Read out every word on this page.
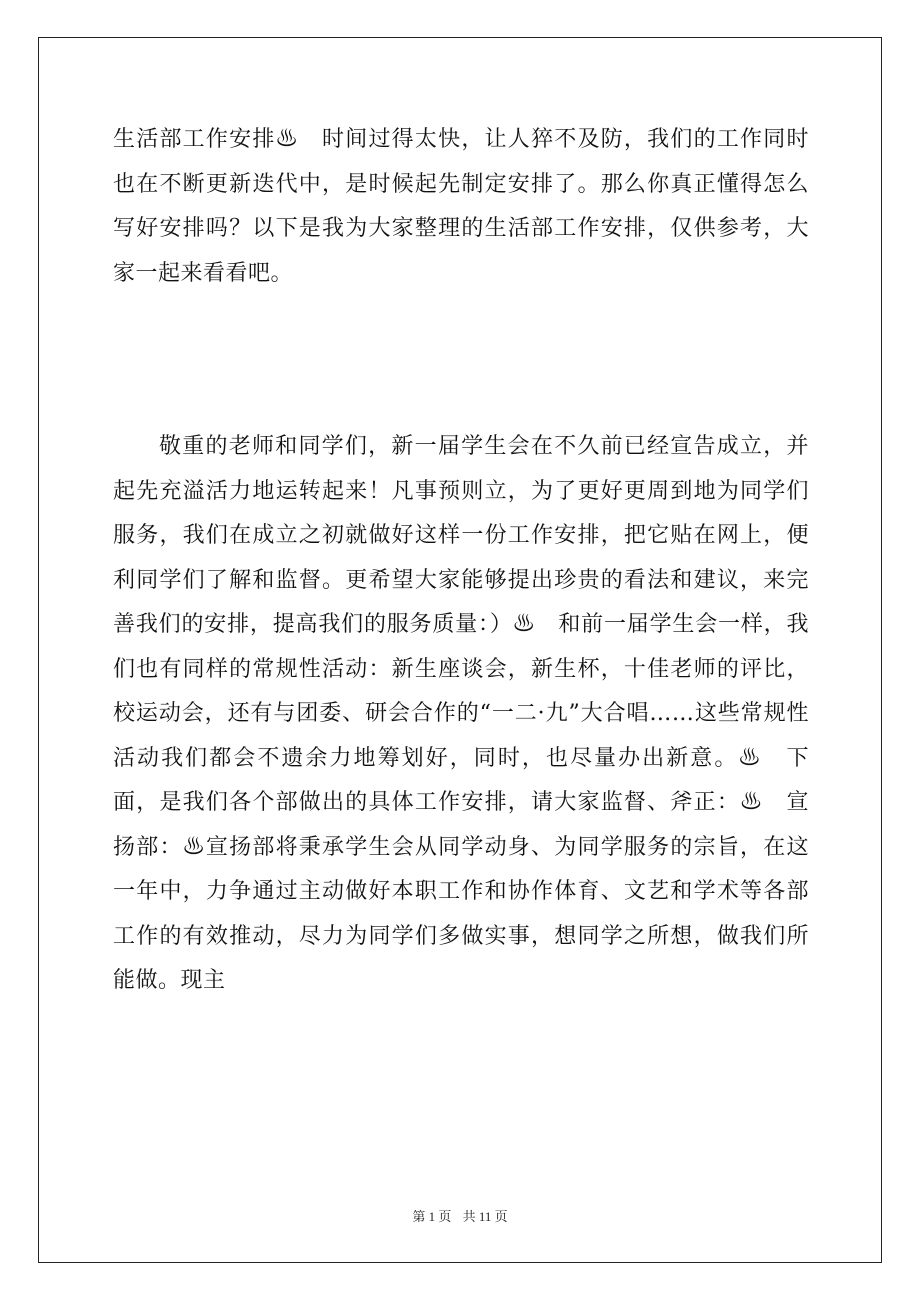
生活部工作安排♨　时间过得太快，让人猝不及防，我们的工作同时也在不断更新迭代中，是时候起先制定安排了。那么你真正懂得怎么写好安排吗？以下是我为大家整理的生活部工作安排，仅供参考，大家一起来看看吧。
敬重的老师和同学们，新一届学生会在不久前已经宣告成立，并起先充溢活力地运转起来！凡事预则立，为了更好更周到地为同学们服务，我们在成立之初就做好这样一份工作安排，把它贴在网上，便利同学们了解和监督。更希望大家能够提出珍贵的看法和建议，来完善我们的安排，提高我们的服务质量：）♨　和前一届学生会一样，我们也有同样的常规性活动：新生座谈会，新生杯，十佳老师的评比，校运动会，还有与团委、研会合作的“一二·九”大合唱……这些常规性活动我们都会不遗余力地筹划好，同时，也尽量办出新意。♨　下面，是我们各个部做出的具体工作安排，请大家监督、斧正：♨　宣扬部：♨宣扬部将秉承学生会从同学动身、为同学服务的宗旨，在这一年中，力争通过主动做好本职工作和协作体育、文艺和学术等各部工作的有效推动，尽力为同学们多做实事，想同学之所想，做我们所能做。现主
第 1 页 共 11 页
